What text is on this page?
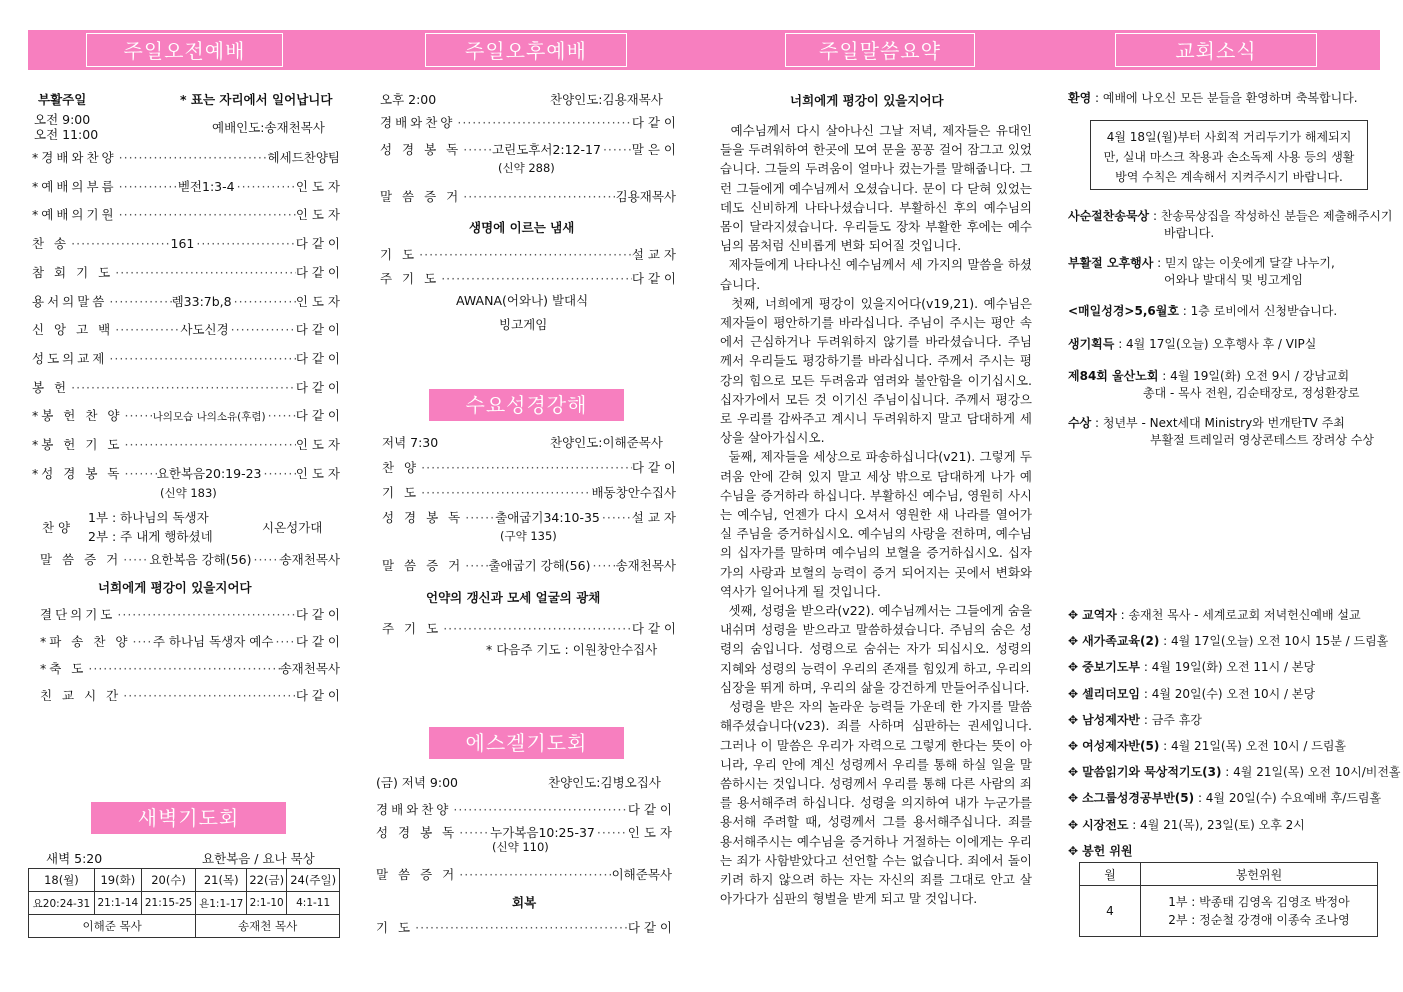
주일오전예배	주일오후예배	주일말씀요약	교회소식
부활주일	* 표는 자리에서 일어납니다
오전 9:00
오전 11:00	예배인도:송재천목사
*경배와찬양 ·····	헤세드찬양팀
*예배의부름 ·····	벧전1:3-4 ·····	인 도 자
*예배의기원 ·····	인 도 자
찬 송 ·····	161 ·····	다 같 이
참 회 기 도 ·····	다 같 이
용서의말씀 ·····	렘33:7b,8 ·····	인 도 자
신 앙 고 백 ·····	사도신경 ·····	다 같 이
성도의교제 ·····	다 같 이
봉 헌 ·····	다 같 이
*봉 헌 찬 양 ·····	나의모습 나의소유(후렴) ····· 다 같 이
*봉 헌 기 도 ·····	인 도 자
*성 경 봉 독 ·····	요한복음20:19-23 ·····	인 도 자
말 씀 증 거 ····· 요한복음 강해(56) ····· 송재천목사
결단의기도 ·····	다 같 이
*파 송 찬 양 ····· 주 하나님 독생자 예수 ····· 다 같 이
*축 도 ·····	송재천목사
친 교 시 간 ·····	다 같 이
(신약 183)
찬 양
1부 : 하나님의 독생자
2부 : 주 내게 행하셨네
시온성가대
너희에게 평강이 있을지어다
새벽기도회
새벽 5:20	요한복음 / 요나 묵상
18(월)	19(화)	20(수)	21(목)	22(금)	24(주일)
요20:24-31	21:1-14	21:15-25	욘1:1-17	2:1-10	4:1-11
이해준 목사			송재천 목사		
오후 2:00	찬양인도:김용재목사
경배와찬양 ·····	다 같 이
성 경 봉 독 ····· 고린도후서2:12-17 ····· 말 은 이
말 씀 증 거 ·····	김용재목사
기 도 ·····	설 교 자
주 기 도 ·····	다 같 이
(신약 288)
생명에 이르는 냄새
AWANA(어와나) 발대식
빙고게임
수요성경강해
저녁 7:30	찬양인도:이해준목사
찬 양 ·····	다 같 이
기 도 ·····	배동창안수집사
성 경 봉 독 ·····	출애굽기34:10-35 ·····	설 교 자
말 씀 증 거 ····· 출애굽기 강해(56) ····· 송재천목사
주 기 도 ·····	다 같 이
(구약 135)
언약의 갱신과 모세 얼굴의 광채
* 다음주 기도 : 이원창안수집사
에스겔기도회
(금) 저녁 9:00	찬양인도:김병오집사
경배와찬양 ·····	다 같 이
성 경 봉 독 ·····	누가복음10:25-37 ·····	인 도 자
말 씀 증 거 ·····	이해준목사
기 도 ·····	다 같 이
(신약 110)
회복
너희에게 평강이 있을지어다
예수님께서 다시 살아나신 그날 저녁, 제자들은 유대인들을 두려워하여 한곳에 모여 문을 꽁꽁 걸어 잠그고 있었습니다. 그들의 두려움이 얼마나 컸는가를 말해줍니다. 그런 그들에게 예수님께서 오셨습니다. 문이 다 닫혀 있었는데도 신비하게 나타나셨습니다. 부활하신 후의 예수님의 몸이 달라지셨습니다. 우리들도 장차 부활한 후에는 예수님의 몸처럼 신비롭게 변화 되어질 것입니다.
제자들에게 나타나신 예수님께서 세 가지의 말씀을 하셨습니다.
첫째, 너희에게 평강이 있을지어다(v19,21). 예수님은 제자들이 평안하기를 바라십니다. 주님이 주시는 평안 속에서 근심하거나 두려워하지 않기를 바라셨습니다. 주님께서 우리들도 평강하기를 바라십니다. 주께서 주시는 평강의 힘으로 모든 두려움과 염려와 불안함을 이기십시오. 십자가에서 모든 것 이기신 주님이십니다. 주께서 평강으로 우리를 감싸주고 계시니 두려워하지 말고 담대하게 세상을 살아가십시오.
둘째, 제자들을 세상으로 파송하십니다(v21). 그렇게 두려움 안에 갇혀 있지 말고 세상 밖으로 담대하게 나가 예수님을 증거하라 하십니다. 부활하신 예수님, 영원히 사시는 예수님, 언젠가 다시 오셔서 영원한 새 나라를 열어가실 주님을 증거하십시오. 예수님의 사랑을 전하며, 예수님의 십자가를 말하며 예수님의 보혈을 증거하십시오. 십자가의 사랑과 보혈의 능력이 증거 되어지는 곳에서 변화와 역사가 일어나게 될 것입니다.
셋째, 성령을 받으라(v22). 예수님께서는 그들에게 숨을 내쉬며 성령을 받으라고 말씀하셨습니다. 주님의 숨은 성령의 숨입니다. 성령으로 숨쉬는 자가 되십시오. 성령의 지혜와 성령의 능력이 우리의 존재를 힘있게 하고, 우리의 심장을 뛰게 하며, 우리의 삶을 강건하게 만들어주십니다.
성령을 받은 자의 놀라운 능력들 가운데 한 가지를 말씀해주셨습니다(v23). 죄를 사하며 심판하는 권세입니다. 그러나 이 말씀은 우리가 자력으로 그렇게 한다는 뜻이 아니라, 우리 안에 계신 성령께서 우리를 통해 하실 일을 말씀하시는 것입니다. 성령께서 우리를 통해 다른 사람의 죄를 용서해주려 하십니다. 성령을 의지하여 내가 누군가를 용서해 주려할 때, 성령께서 그를 용서해주십니다. 죄를 용서해주시는 예수님을 증거하나 거절하는 이에게는 우리는 죄가 사함받았다고 선언할 수는 없습니다. 죄에서 돌이키려 하지 않으려 하는 자는 자신의 죄를 그대로 안고 살아가다가 심판의 형벌을 받게 되고 말 것입니다.
환영 : 예배에 나오신 모든 분들을 환영하며 축복합니다.
4월 18일(월)부터 사회적 거리두기가 해제되지만, 실내 마스크 착용과 손소독제 사용 등의 생활방역 수칙은 계속해서 지켜주시기 바랍니다.
사순절찬송묵상 : 찬송묵상집을 작성하신 분들은 제출해주시기
바랍니다.
부활절 오후행사 : 믿지 않는 이웃에게 달걀 나누기,
어와나 발대식 및 빙고게임
<매일성경>5,6월호 : 1층 로비에서 신청받습니다.
생기획득 : 4월 17일(오늘) 오후행사 후 / VIP실
제84회 울산노회 : 4월 19일(화) 오전 9시 / 강남교회
총대 - 목사 전원, 김순태장로, 정성환장로
수상 : 청년부 - Next세대 Ministry와 번개탄TV 주최
부활절 트레일러 영상콘테스트 장려상 수상
✥ 교역자 : 송재천 목사 - 세계로교회 저녁헌신예배 설교
✥ 새가족교육(2) : 4월 17일(오늘) 오전 10시 15분 / 드림홀
✥ 중보기도부 : 4월 19일(화) 오전 11시 / 본당
✥ 셀리더모임 : 4월 20일(수) 오전 10시 / 본당
✥ 남성제자반 : 금주 휴강
✥ 여성제자반(5) : 4월 21일(목) 오전 10시 / 드림홀
✥ 말씀읽기와 묵상적기도(3) : 4월 21일(목) 오전 10시/비전홀
✥ 소그룹성경공부반(5) : 4월 20일(수) 수요예배 후/드림홀
✥ 시장전도 : 4월 21(목), 23일(토) 오후 2시
✥ 봉헌 위원
월	봉헌위원
4	1부 : 박종태 김영옥 김영조 박정아
2부 : 정순철 강경애 이종숙 조나영
